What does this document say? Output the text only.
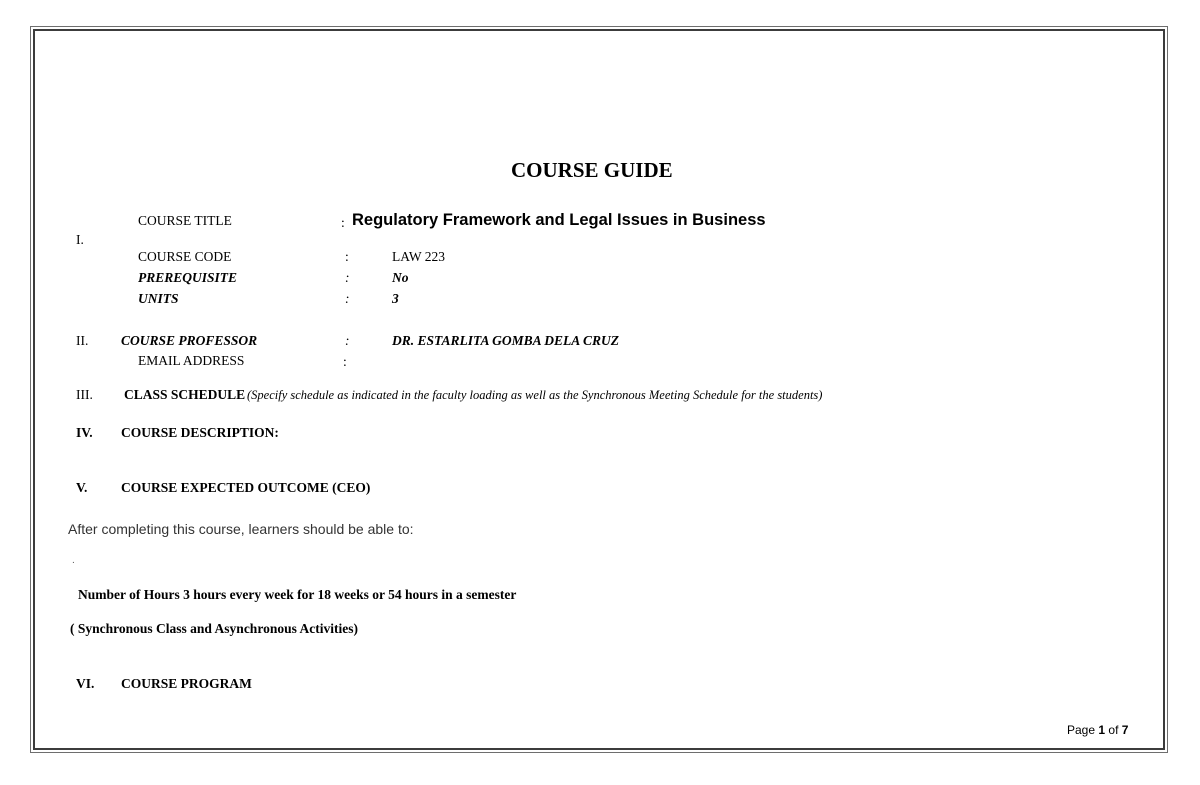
COURSE GUIDE
I.
COURSE TITLE	: Regulatory Framework and Legal Issues in Business
COURSE CODE	:	LAW 223
PREREQUISITE	:	No
UNITS	:	3
II. COURSE PROFESSOR	:	DR. ESTARLITA GOMBA DELA CRUZ
EMAIL ADDRESS	:
III. CLASS SCHEDULE (Specify schedule as indicated in the faculty loading as well as the Synchronous Meeting Schedule for the students)
IV. COURSE DESCRIPTION:
V. COURSE EXPECTED OUTCOME (CEO)
After completing this course, learners should be able to:
.
Number of Hours 3 hours every week for 18 weeks or 54 hours in a semester
( Synchronous Class and Asynchronous Activities)
VI. COURSE PROGRAM
Page 1 of 7
